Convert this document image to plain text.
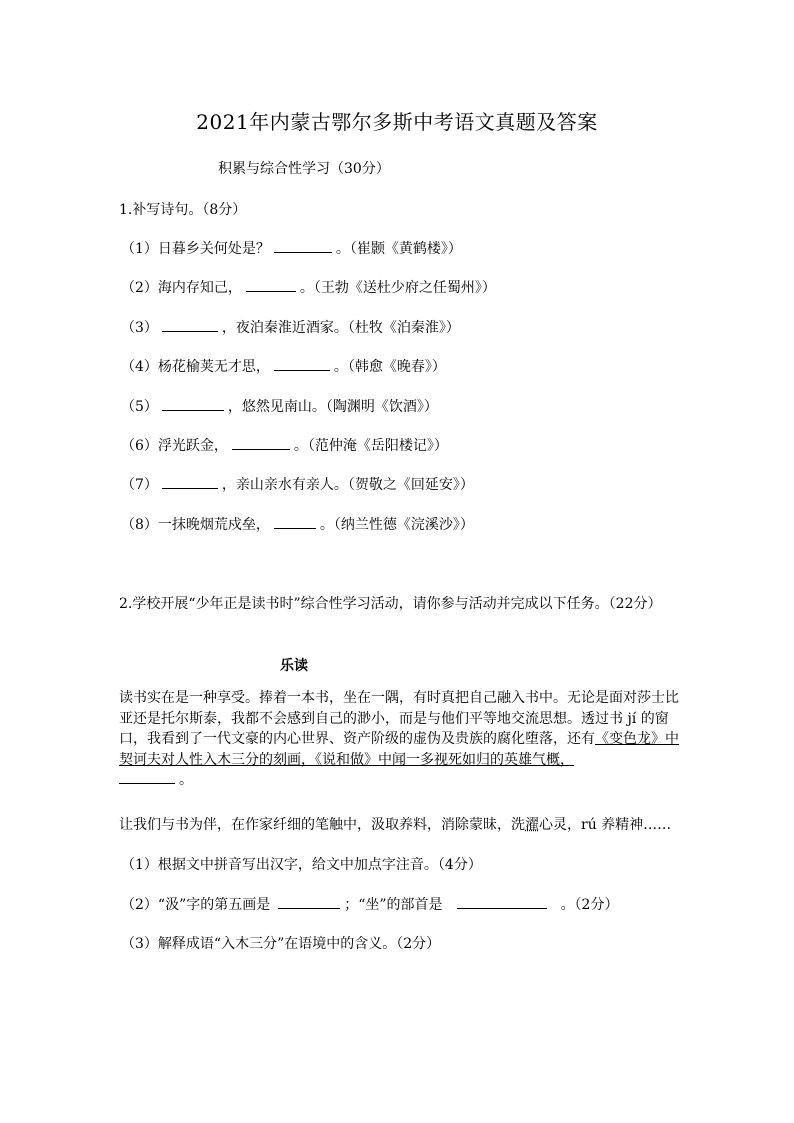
2021年内蒙古鄂尔多斯中考语文真题及答案
积累与综合性学习（30分）
1.补写诗句。（8分）
（1）日暮乡关何处是？	。（崔颢《黄鹤楼》）
（2）海内存知己，	。（王勃《送杜少府之任蜀州》）
（3）	，夜泊秦淮近酒家。（杜牧《泊秦淮》）
（4）杨花榆荚无才思，	。（韩愈《晚春》）
（5）	，悠然见南山。（陶渊明《饮酒》）
（6）浮光跃金，	。（范仲淹《岳阳楼记》）
（7）	，亲山亲水有亲人。（贺敬之《回延安》）
（8）一抹晚烟荒戍垒，	。（纳兰性德《浣溪沙》）
2.学校开展“少年正是读书时”综合性学习活动，请你参与活动并完成以下任务。（22分）
乐读
读书实在是一种享受。捧着一本书，坐在一隅，有时真把自己融入书中。无论是面对莎士比亚还是托尔斯泰，我都不会感到自己的渺小，而是与他们平等地交流思想。透过书 jí 的窗口，我看到了一代文豪的内心世界、资产阶级的虚伪及贵族的腐化堕落，还有《变色龙》中契诃夫对人性入木三分的刻画，《说和做》中闻一多视死如归的英雄气概，
。
让我们与书为伴，在作家纤细的笔触中，汲取养料，消除蒙昧，洗濯心灵，rú 养精神……
（1）根据文中拼音写出汉字，给文中加点字注音。（4分）
（2）“汲”字的第五画是	；“坐”的部首是	。（2分）
（3）解释成语“入木三分”在语境中的含义。（2分）
